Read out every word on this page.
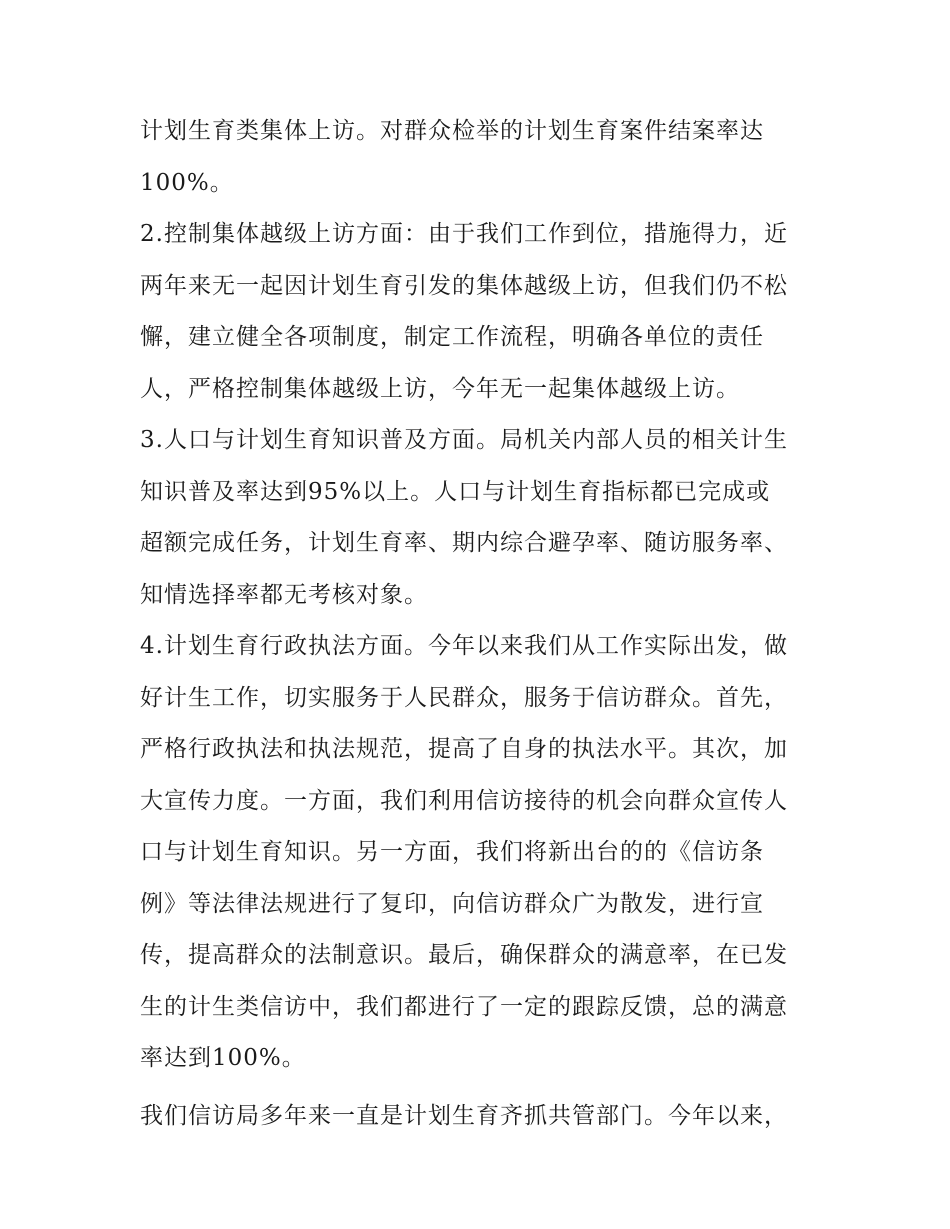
计划生育类集体上访。对群众检举的计划生育案件结案率达
100%。
2.控制集体越级上访方面：由于我们工作到位，措施得力，近
两年来无一起因计划生育引发的集体越级上访，但我们仍不松
懈，建立健全各项制度，制定工作流程，明确各单位的责任
人，严格控制集体越级上访，今年无一起集体越级上访。
3.人口与计划生育知识普及方面。局机关内部人员的相关计生
知识普及率达到95%以上。人口与计划生育指标都已完成或
超额完成任务，计划生育率、期内综合避孕率、随访服务率、
知情选择率都无考核对象。
4.计划生育行政执法方面。今年以来我们从工作实际出发，做
好计生工作，切实服务于人民群众，服务于信访群众。首先，
严格行政执法和执法规范，提高了自身的执法水平。其次，加
大宣传力度。一方面，我们利用信访接待的机会向群众宣传人
口与计划生育知识。另一方面，我们将新出台的的《信访条
例》等法律法规进行了复印，向信访群众广为散发，进行宣
传，提高群众的法制意识。最后，确保群众的满意率，在已发
生的计生类信访中，我们都进行了一定的跟踪反馈，总的满意
率达到100%。
我们信访局多年来一直是计划生育齐抓共管部门。今年以来，
